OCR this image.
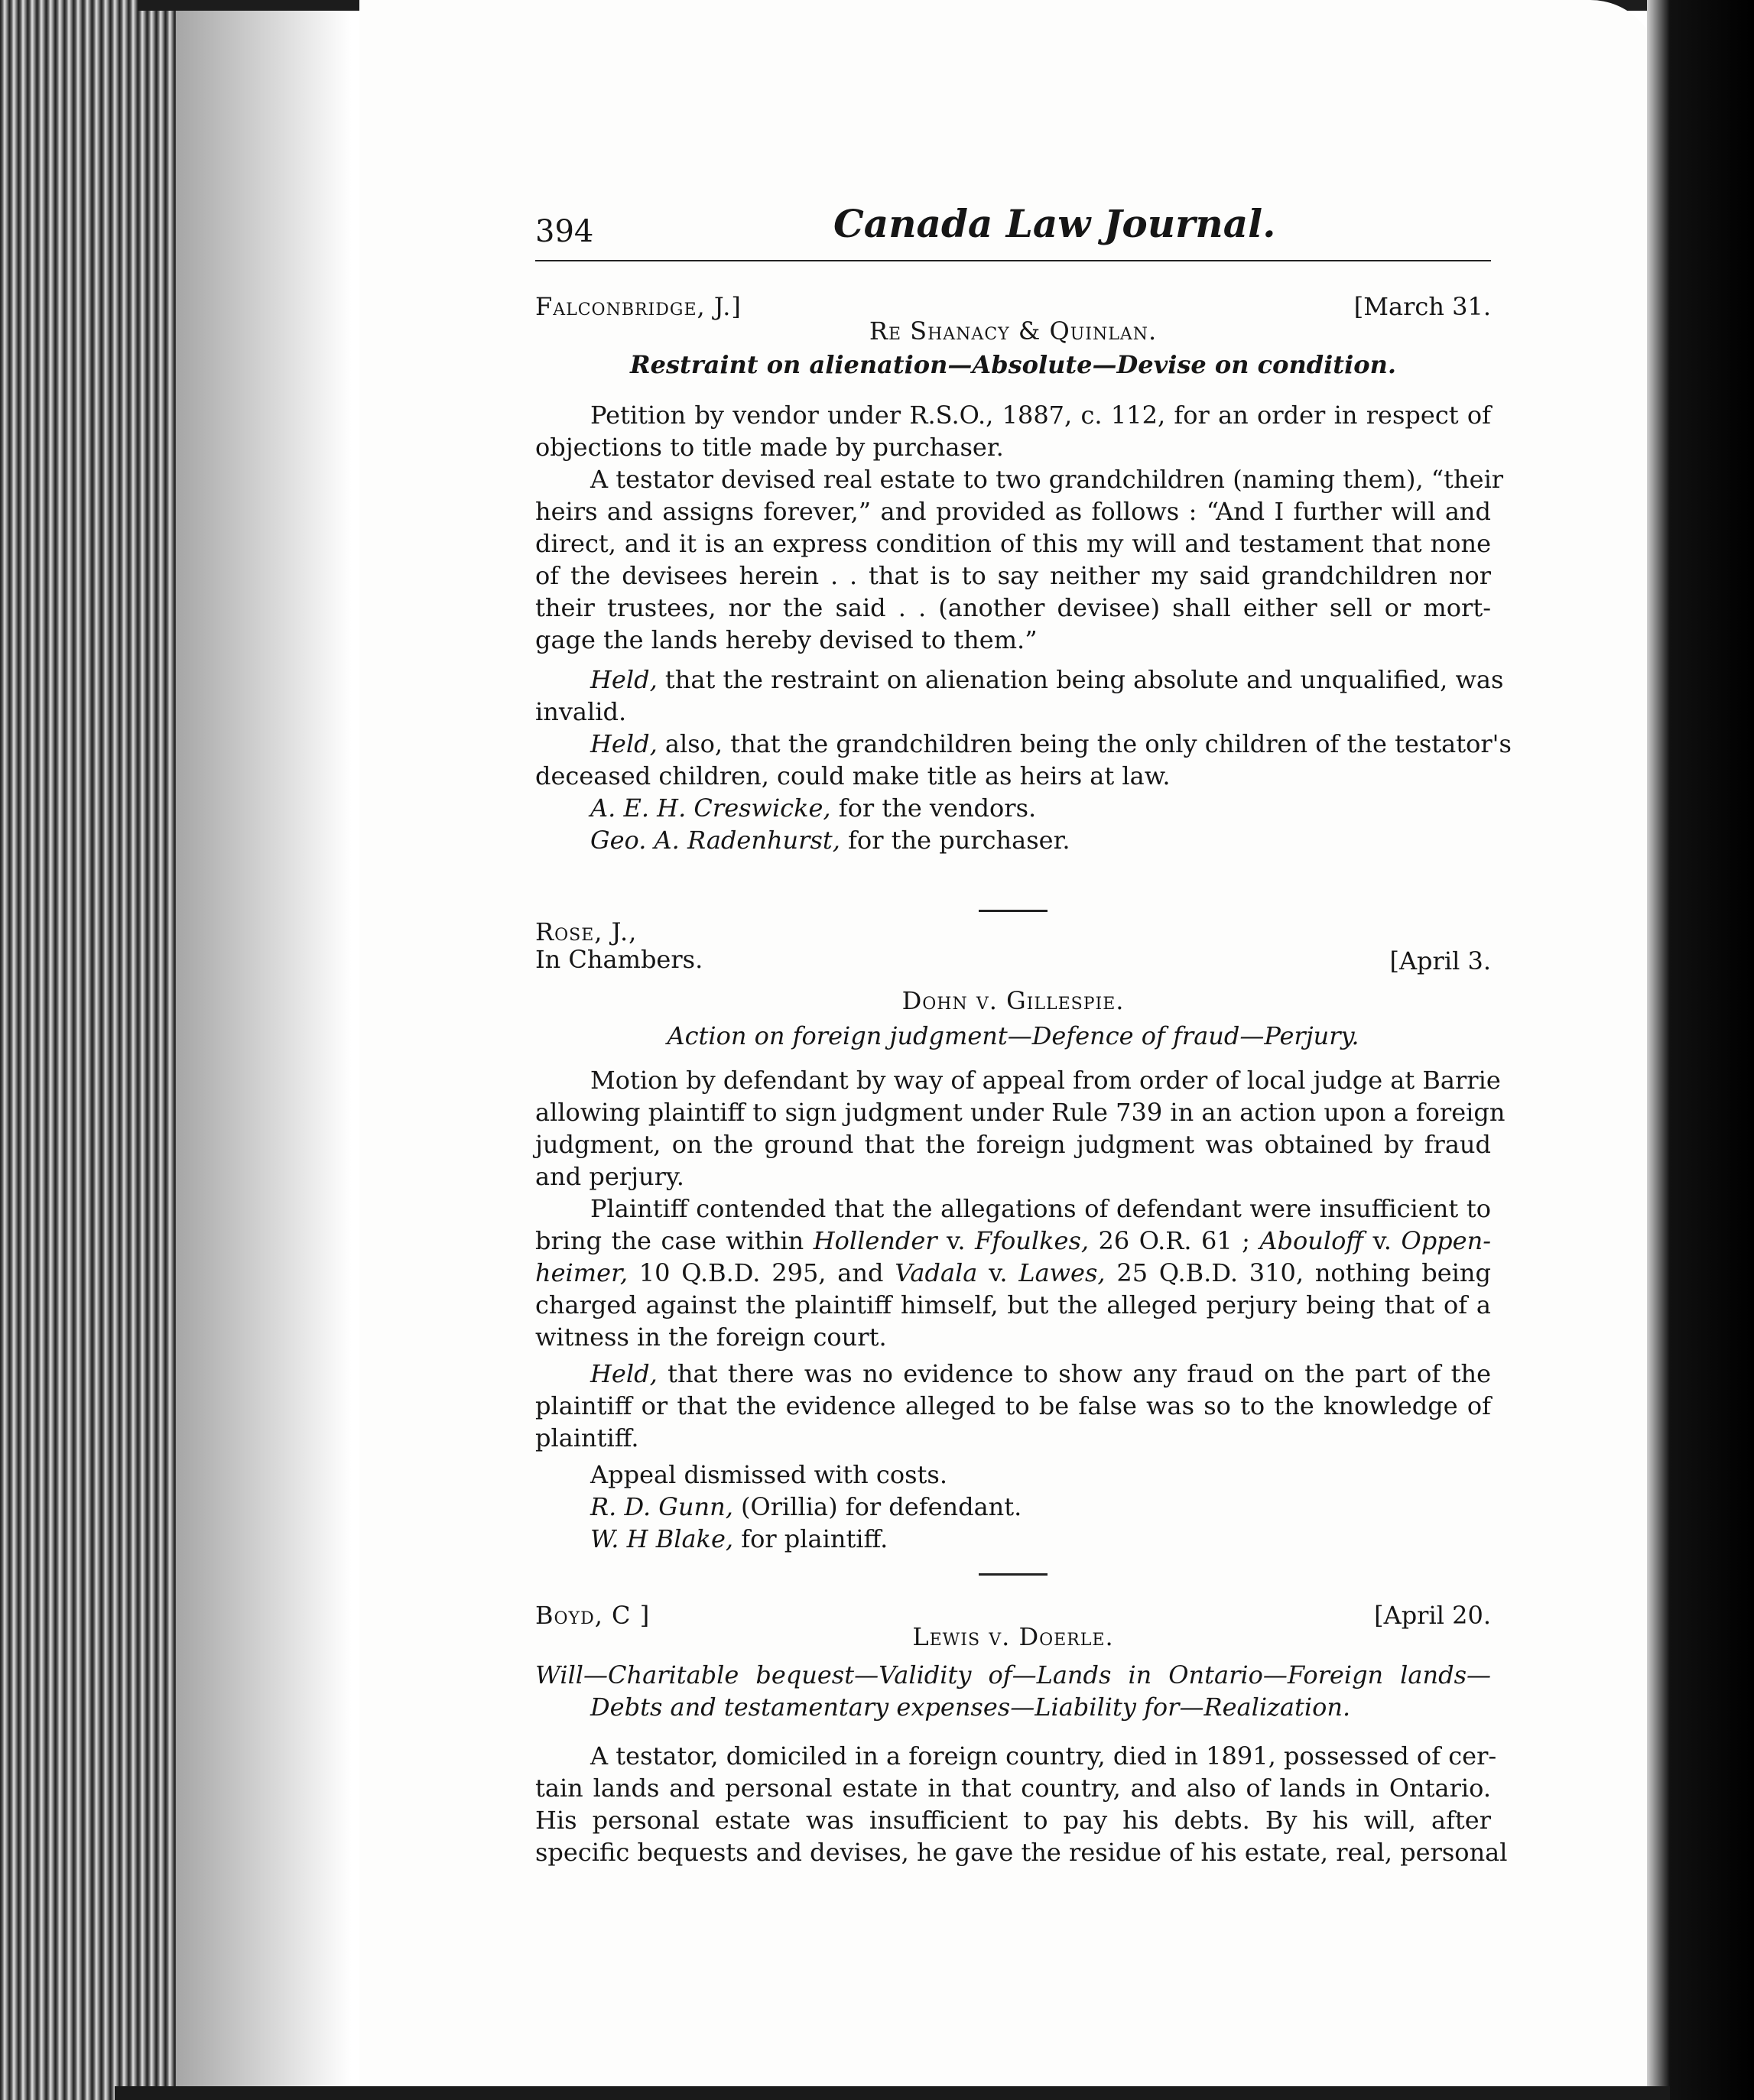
394	Canada Law Journal.
Falconbridge, J.]	[March 31.
Re Shanacy & Quinlan.
Restraint on alienation—Absolute—Devise on condition.
Petition by vendor under R.S.O., 1887, c. 112, for an order in respect of
objections to title made by purchaser.
A testator devised real estate to two grandchildren (naming them), “their
heirs and assigns forever,” and provided as follows : “And I further will and
direct, and it is an express condition of this my will and testament that none
of the devisees herein . . that is to say neither my said grandchildren nor
their trustees, nor the said . . (another devisee) shall either sell or mort-
gage the lands hereby devised to them.”
Held, that the restraint on alienation being absolute and unqualified, was
invalid.
Held, also, that the grandchildren being the only children of the testator's
deceased children, could make title as heirs at law.
A. E. H. Creswicke, for the vendors.
Geo. A. Radenhurst, for the purchaser.
Rose, J.,
In Chambers.	[April 3.
Dohn v. Gillespie.
Action on foreign judgment—Defence of fraud—Perjury.
Motion by defendant by way of appeal from order of local judge at Barrie
allowing plaintiff to sign judgment under Rule 739 in an action upon a foreign
judgment, on the ground that the foreign judgment was obtained by fraud
and perjury.
Plaintiff contended that the allegations of defendant were insufficient to
bring the case within Hollender v. Ffoulkes, 26 O.R. 61 ; Abouloff v. Oppen-
heimer, 10 Q.B.D. 295, and Vadala v. Lawes, 25 Q.B.D. 310, nothing being
charged against the plaintiff himself, but the alleged perjury being that of a
witness in the foreign court.
Held, that there was no evidence to show any fraud on the part of the
plaintiff or that the evidence alleged to be false was so to the knowledge of
plaintiff.
Appeal dismissed with costs.
R. D. Gunn, (Orillia) for defendant.
W. H Blake, for plaintiff.
Boyd, C ]	[April 20.
Lewis v. Doerle.
Will—Charitable bequest—Validity of—Lands in Ontario—Foreign lands—
Debts and testamentary expenses—Liability for—Realization.
A testator, domiciled in a foreign country, died in 1891, possessed of cer-
tain lands and personal estate in that country, and also of lands in Ontario.
His personal estate was insufficient to pay his debts. By his will, after
specific bequests and devises, he gave the residue of his estate, real, personal
